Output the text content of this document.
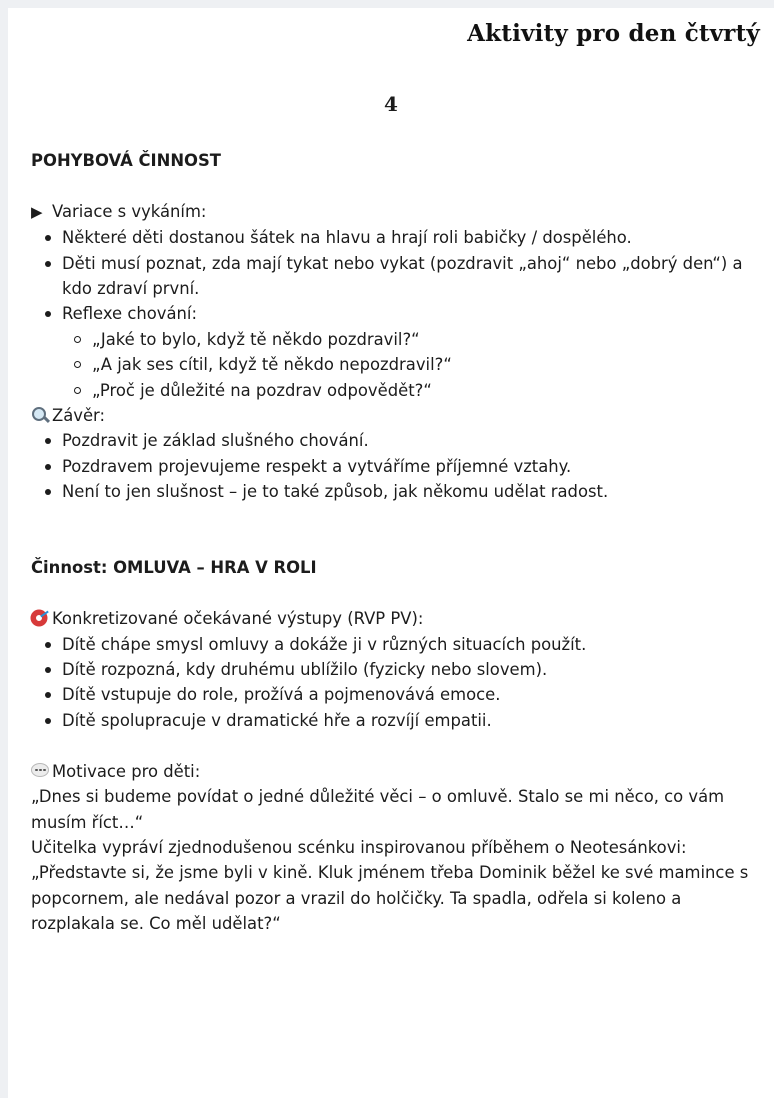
Aktivity pro den čtvrtý
4
POHYBOVÁ ČINNOST
▶ Variace s vykáním:
Některé děti dostanou šátek na hlavu a hrají roli babičky / dospělého.
Děti musí poznat, zda mají tykat nebo vykat (pozdravit „ahoj“ nebo „dobrý den“) a kdo zdraví první.
Reflexe chování:
„Jaké to bylo, když tě někdo pozdravil?“
„A jak ses cítil, když tě někdo nepozdravil?“
„Proč je důležité na pozdrav odpovědět?“
Závěr:
Pozdravit je základ slušného chování.
Pozdravem projevujeme respekt a vytváříme příjemné vztahy.
Není to jen slušnost – je to také způsob, jak někomu udělat radost.
Činnost: OMLUVA – HRA V ROLI
Konkretizované očekávané výstupy (RVP PV):
Dítě chápe smysl omluvy a dokáže ji v různých situacích použít.
Dítě rozpozná, kdy druhému ublížilo (fyzicky nebo slovem).
Dítě vstupuje do role, prožívá a pojmenovává emoce.
Dítě spolupracuje v dramatické hře a rozvíjí empatii.
Motivace pro děti:
„Dnes si budeme povídat o jedné důležité věci – o omluvě. Stalo se mi něco, co vám musím říct…“
Učitelka vypráví zjednodušenou scénku inspirovanou příběhem o Neotesánkovi:
„Představte si, že jsme byli v kině. Kluk jménem třeba Dominik běžel ke své mamince s popcornem, ale nedával pozor a vrazil do holčičky. Ta spadla, odřela si koleno a rozplakala se. Co měl udělat?“
